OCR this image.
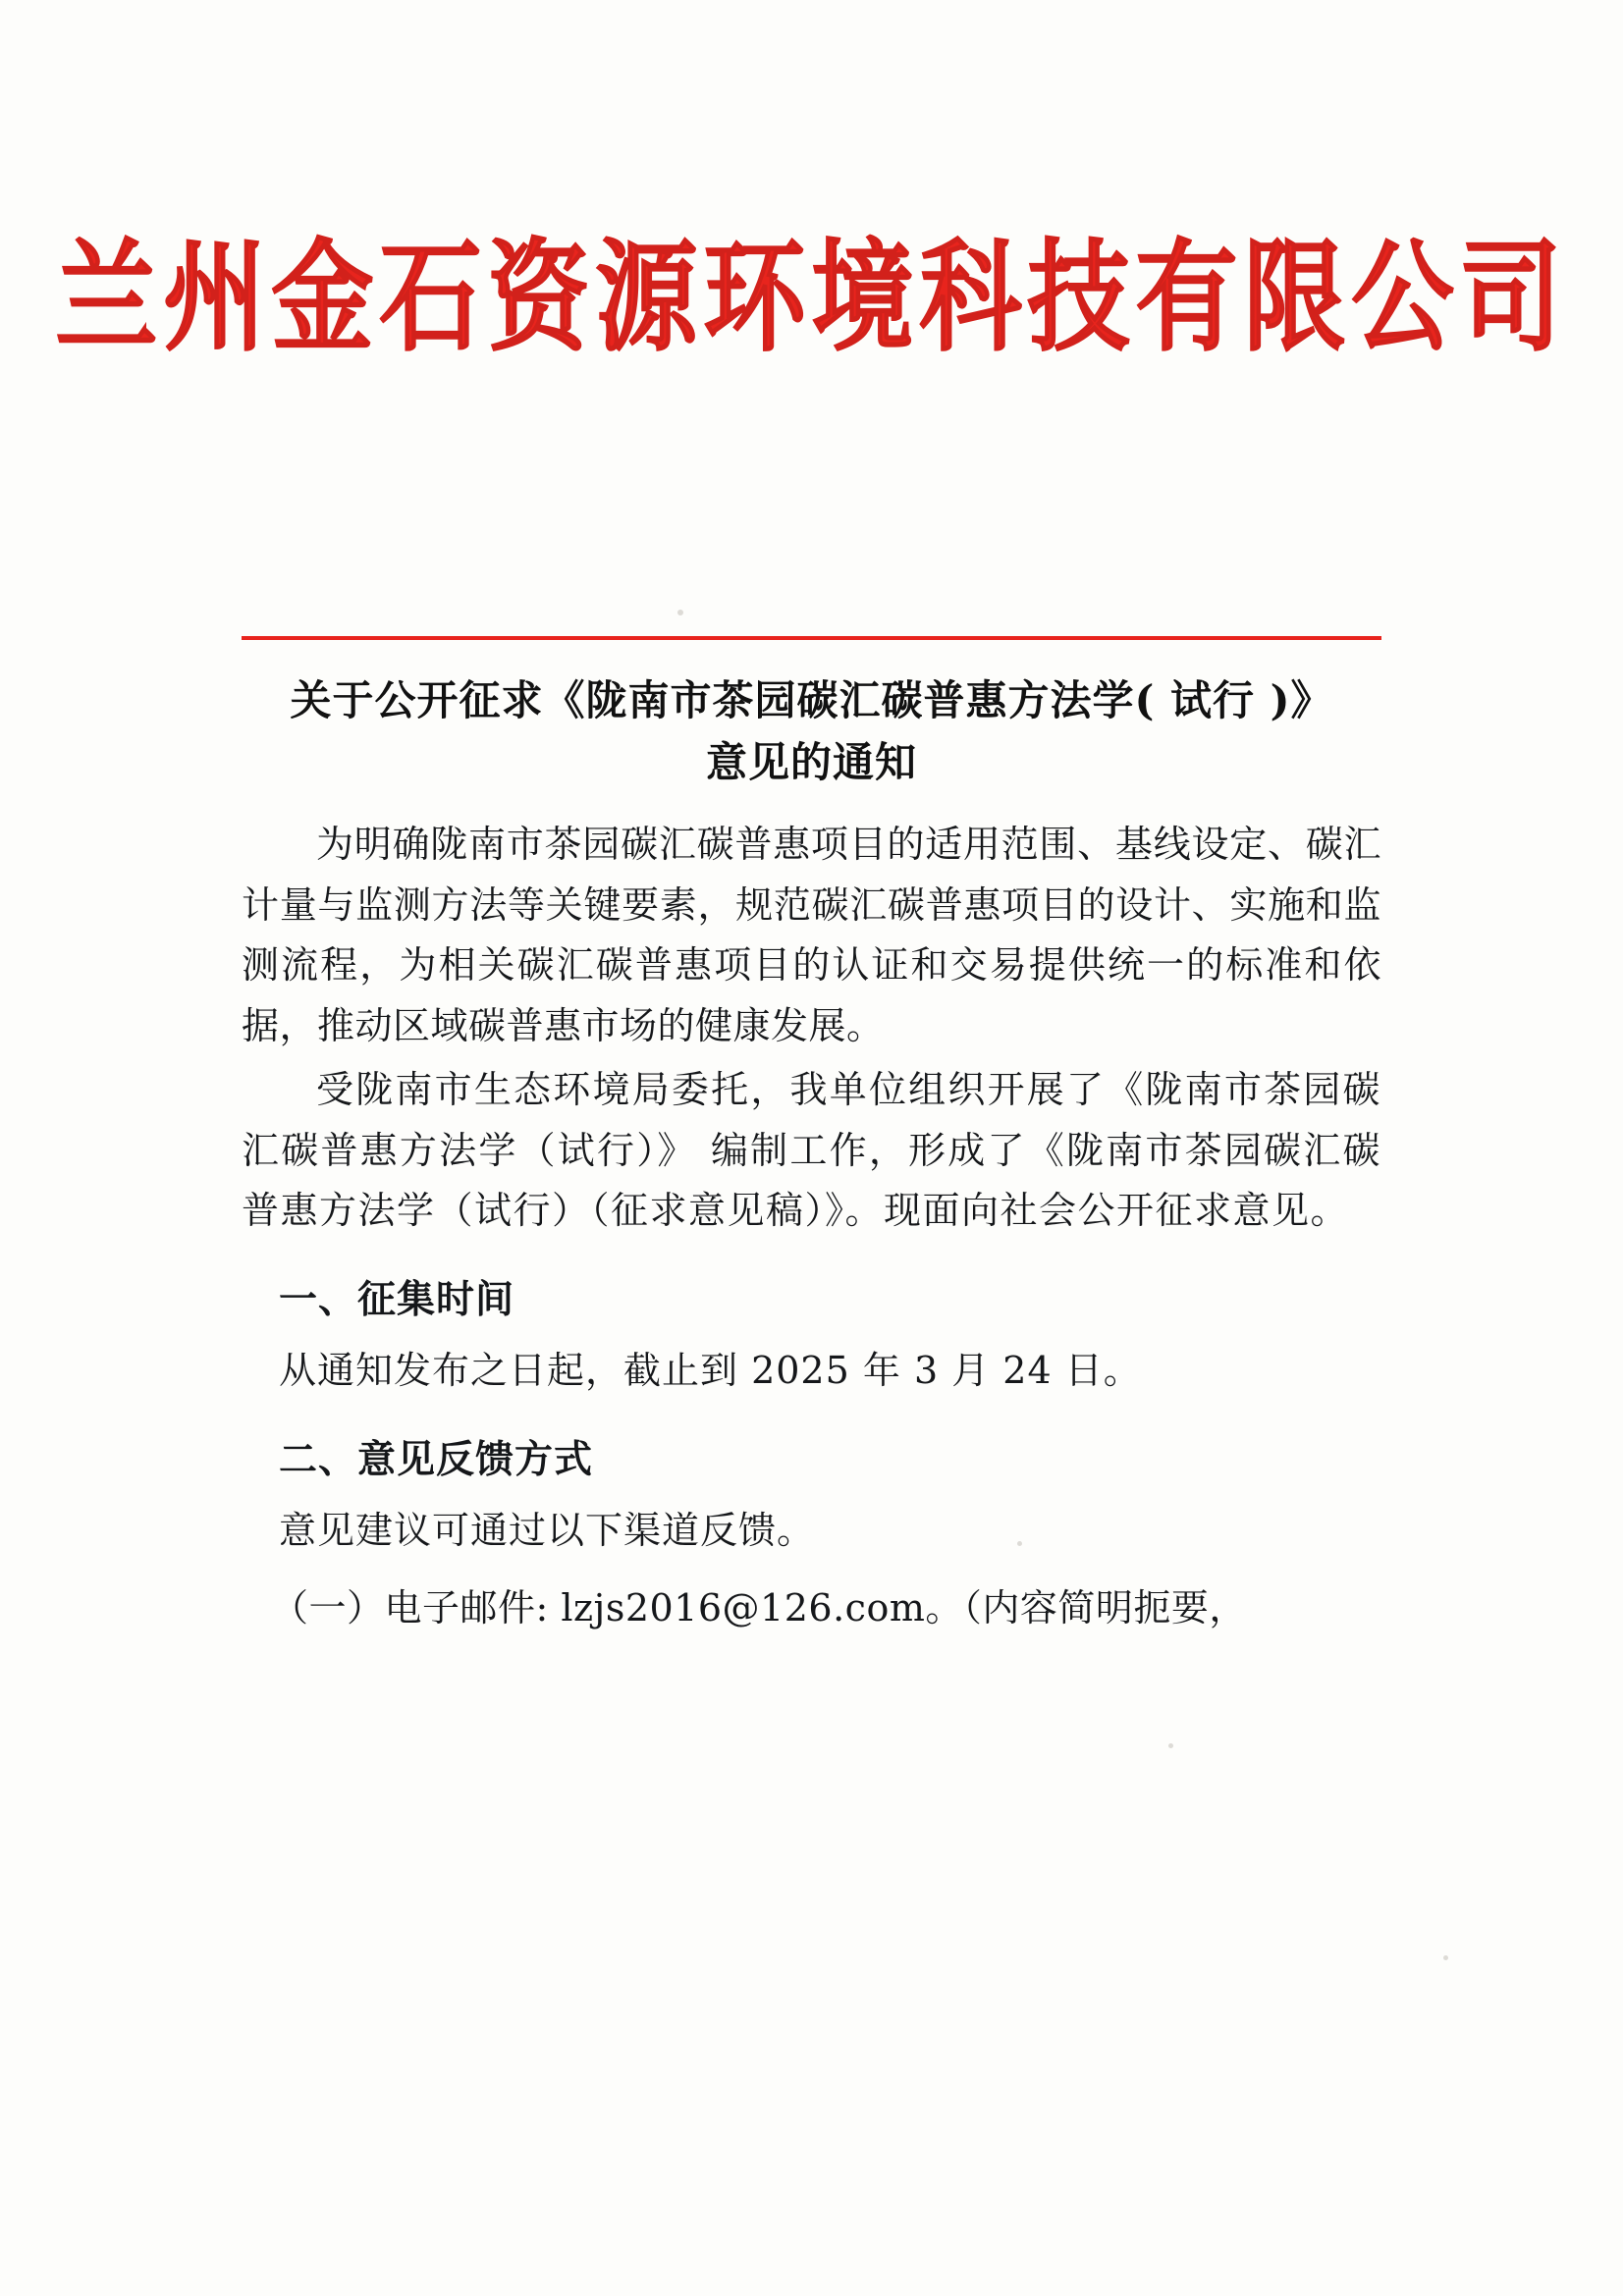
兰州金石资源环境科技有限公司
关于公开征求《陇南市茶园碳汇碳普惠方法学( 试行 )》
意见的通知

为明确陇南市茶园碳汇碳普惠项目的适用范围、基线设定、碳汇计量与监测方法等关键要素，规范碳汇碳普惠项目的设计、实施和监测流程，为相关碳汇碳普惠项目的认证和交易提供统一的标准和依据，推动区域碳普惠市场的健康发展。

受陇南市生态环境局委托，我单位组织开展了《陇南市茶园碳汇碳普惠方法学（试行）》 编制工作，形成了《陇南市茶园碳汇碳普惠方法学（试行）（征求意见稿）》。现面向社会公开征求意见。

一、征集时间

从通知发布之日起，截止到 2025 年 3 月 24 日。

二、意见反馈方式

意见建议可通过以下渠道反馈。

（一）电子邮件: lzjs2016@126.com。（内容简明扼要，
